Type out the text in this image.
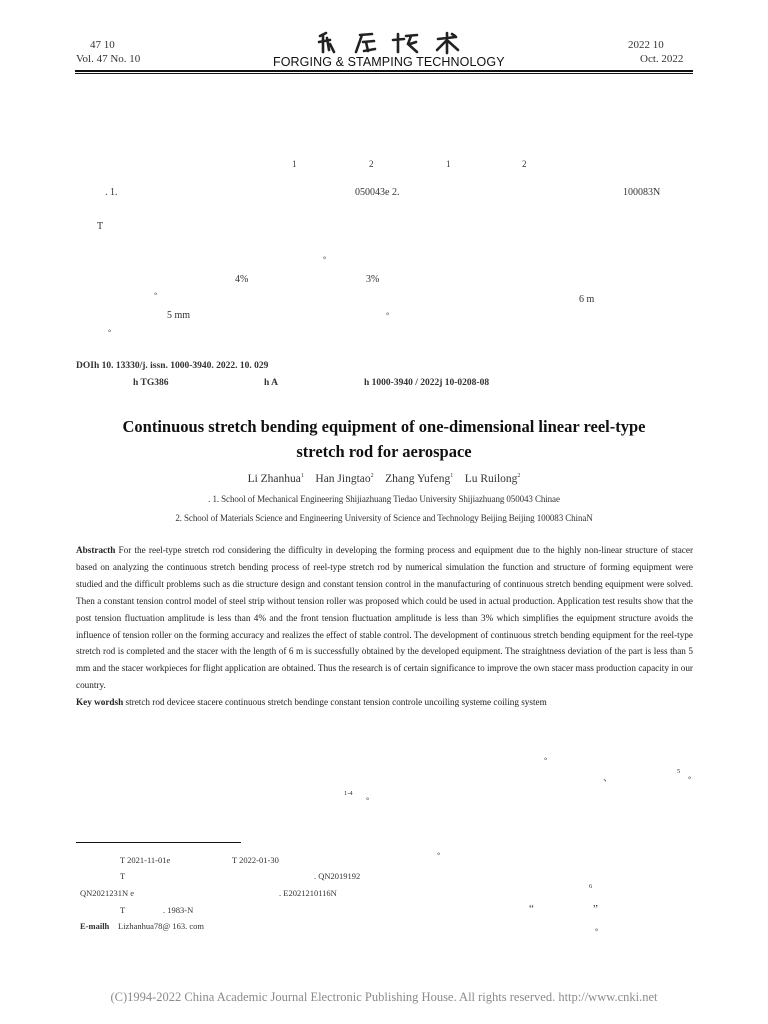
47 10
Vol. 47 No. 10	FORGING & STAMPING TECHNOLOGY
2022 10
Oct. 2022
1	2	1	2
. 1.	050043e 2.	100083N
T
°
4%	3%
°	6 m
5 mm	°
°
DOIh 10. 13330/j. issn. 1000-3940. 2022. 10. 029
h TG386	h A	h 1000-3940 / 2022j 10-0208-08
Continuous stretch bending equipment of one-dimensional linear reel-type
stretch rod for aerospace
Li Zhanhua$^1$ Han Jingtao$^2$ Zhang Yufeng$^1$ Lu Ruilong$^2$
. 1. School of Mechanical Engineering Shijiazhuang Tiedao University Shijiazhuang 050043 Chinae
2. School of Materials Science and Engineering University of Science and Technology Beijing Beijing 100083 ChinaN

Abstracth For the reel-type stretch rod considering the difficulty in developing the forming process and equipment due to the highly non-linear structure of stacer based on analyzing the continuous stretch bending process of reel-type stretch rod by numerical simulation the function and structure of forming equipment were studied and the difficult problems such as die structure design and constant tension control in the manufacturing of continuous stretch bending equipment were solved. Then a constant tension control model of steel strip without tension roller was proposed which could be used in actual production. Application test results show that the post tension fluctuation amplitude is less than 4% and the front tension fluctuation amplitude is less than 3% which simplifies the equipment structure avoids the influence of tension roller on the forming accuracy and realizes the effect of stable control. The development of continuous stretch bending equipment for the reel-type stretch rod is completed and the stacer with the length of 6 m is successfully obtained by the developed equipment. The straightness deviation of the part is less than 5 mm and the stacer workpieces for flight application are obtained. Thus the research is of certain significance to improve the own stacer mass production capacity in our country.

Key wordsh stretch rod devicee stacere continuous stretch bendinge constant tension controle uncoiling systeme coiling system

°
、
5
°
1-4
°
T 2021-11-01e	T 2022-01-30	°
T	. QN2019192
QN2021231N e	. E2021210116N
6
T	. 1983-N	“	”
E-mailh Lizhanhua78@ 163. com
°
(C)1994-2022 China Academic Journal Electronic Publishing House. All rights reserved. http://www.cnki.net
